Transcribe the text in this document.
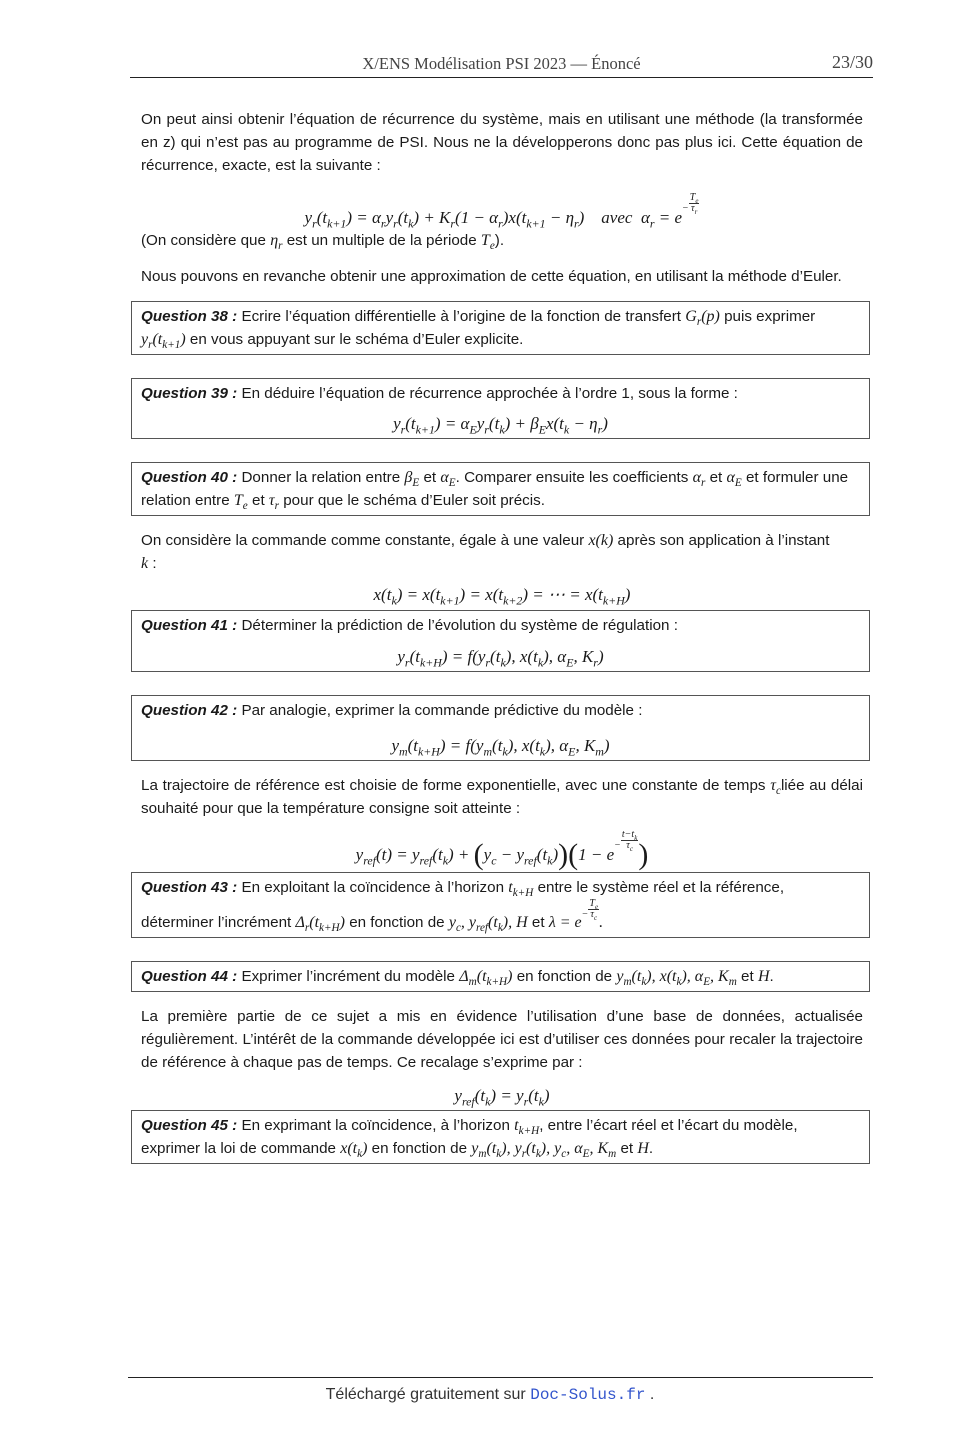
X/ENS Modélisation PSI 2023 — Énoncé	23/30

On peut ainsi obtenir l’équation de récurrence du système, mais en utilisant une méthode (la transformée en z) qui n’est pas au programme de PSI. Nous ne la développerons donc pas plus ici. Cette équation de récurrence, exacte, est la suivante :

$y_r(t_{k+1}) = \alpha_ry_r(t_k) + K_r(1 - \alpha_r)x(t_{k+1} - \eta_r)$    avec  $\alpha_r = e- \frac{T_e}{\tau_r}$

(On considère que $\eta_r$ est un multiple de la période $T_e$).

Nous pouvons en revanche obtenir une approximation de cette équation, en utilisant la méthode d’Euler.

Question 38 : Ecrire l’équation différentielle à l’origine de la fonction de transfert $G_r(p)$ puis exprimer $y_r(t_{k+1})$ en vous appuyant sur le schéma d’Euler explicite.
Question 39 : En déduire l’équation de récurrence approchée à l’ordre 1, sous la forme :

$y_r(t_{k+1}) = \alpha_Ey_r(t_k) + \beta_Ex(t_k - \eta_r)$

Question 40 : Donner la relation entre $\beta_E$ et $\alpha_E$. Comparer ensuite les coefficients $\alpha_r$ et $\alpha_E$ et formuler une relation entre $T_e$ et $\tau_r$ pour que le schéma d’Euler soit précis.

On considère la commande comme constante, égale à une valeur x(k) après son application à l’instant
k :

$x(t_k) = x(t_{k+1}) = x(t_{k+2})$ = ⋯ = $x(t_{k+H})$

Question 41 : Déterminer la prédiction de l’évolution du système de régulation :

$y_r(t_{k+H}) = f(y_r(t_k)$, $x(t_k)$, $\alpha_E$, $K_r$)

Question 42 : Par analogie, exprimer la commande prédictive du modèle :

$y_m(t_{k+H}) = f(y_m(t_k)$, $x(t_k)$, $\alpha_E$, $K_m$)

La trajectoire de référence est choisie de forme exponentielle, avec une constante de temps $\tau_cliée$ au délai souhaité pour que la température consigne soit atteinte :

$y_{ref}(t) = y_{ref}(t_k) + (y_c - y_{ref}(t_k))(1 - e- \frac{t-t_k}{\tau_c}$ )

Question 43 : En exploitant la coïncidence à l’horizon $t_{k+H}$ entre le système réel et la référence, déterminer l’incrément $\Delta_r(t_{k+H})$ en fonction de $y_c$, $y_{ref}(t_k)$, H et $\lambda = e- \frac{T_e}{\tau_c}$
.
Question 44 : Exprimer l’incrément du modèle $\Delta_m(t_{k+H})$ en fonction de $y_m(t_k)$, $x(t_k)$, $\alpha_E$, $K_m$ et H.

La première partie de ce sujet a mis en évidence l’utilisation d’une base de données, actualisée régulièrement. L’intérêt de la commande développée ici est d’utiliser ces données pour recaler la trajectoire de référence à chaque pas de temps. Ce recalage s’exprime par :

$y_{ref}(t_k) = y_r(t_k)$

Question 45 : En exprimant la coïncidence, à l’horizon $t_{k+H}$, entre l’écart réel et l’écart du modèle, exprimer la loi de commande $x(t_k)$ en fonction de $y_m(t_k)$, $y_r(t_k)$, $y_c$, $\alpha_E$, $K_m$ et H.
Téléchargé gratuitement sur Doc-Solus.fr .
